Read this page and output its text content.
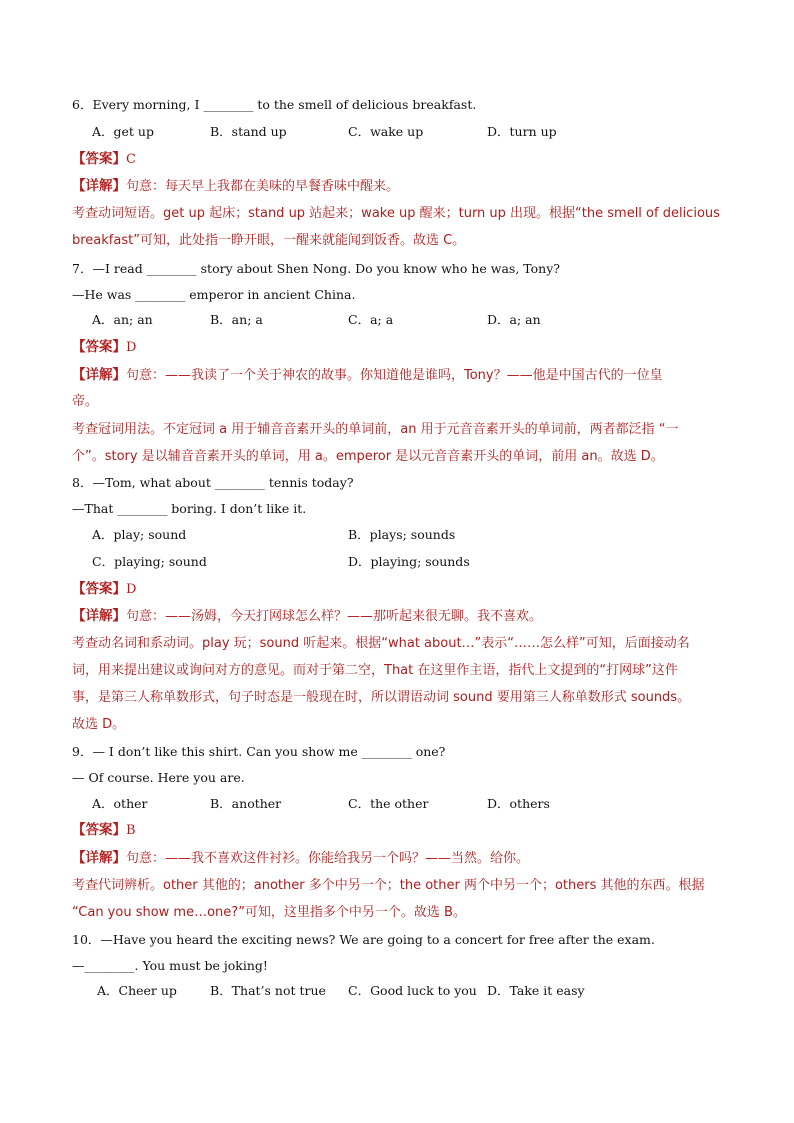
6．Every morning, I ________ to the smell of delicious breakfast.
A．get up	B．stand up	C．wake up	D．turn up
【答案】C
【详解】句意：每天早上我都在美味的早餐香味中醒来。
考查动词短语。get up 起床；stand up 站起来；wake up 醒来；turn up 出现。根据“the smell of delicious
breakfast”可知，此处指一睁开眼，一醒来就能闻到饭香。故选 C。
7．—I read ________ story about Shen Nong. Do you know who he was, Tony?
—He was ________ emperor in ancient China.
A．an; an	B．an; a	C．a; a	D．a; an
【答案】D
【详解】句意：——我读了一个关于神农的故事。你知道他是谁吗，Tony？——他是中国古代的一位皇
帝。
考查冠词用法。不定冠词 a 用于辅音音素开头的单词前，an 用于元音音素开头的单词前，两者都泛指 “一
个”。story 是以辅音音素开头的单词，用 a。emperor 是以元音音素开头的单词，前用 an。故选 D。
8．—Tom, what about ________ tennis today?
—That ________ boring. I don’t like it.
A．play; sound	B．plays; sounds
C．playing; sound	D．playing; sounds
【答案】D
【详解】句意：——汤姆，今天打网球怎么样？——那听起来很无聊。我不喜欢。
考查动名词和系动词。play 玩；sound 听起来。根据“what about…”表示“……怎么样”可知，后面接动名
词，用来提出建议或询问对方的意见。而对于第二空，That 在这里作主语，指代上文提到的“打网球”这件
事，是第三人称单数形式，句子时态是一般现在时，所以谓语动词 sound 要用第三人称单数形式 sounds。
故选 D。
9．— I don’t like this shirt. Can you show me ________ one?
— Of course. Here you are.
A．other	B．another	C．the other	D．others
【答案】B
【详解】句意：——我不喜欢这件衬衫。你能给我另一个吗？——当然。给你。
考查代词辨析。other 其他的；another 多个中另一个；the other 两个中另一个；others 其他的东西。根据
“Can you show me…one?”可知，这里指多个中另一个。故选 B。
10．—Have you heard the exciting news? We are going to a concert for free after the exam.
—________. You must be joking!
A．Cheer up	B．That’s not true C．Good luck to you D．Take it easy
